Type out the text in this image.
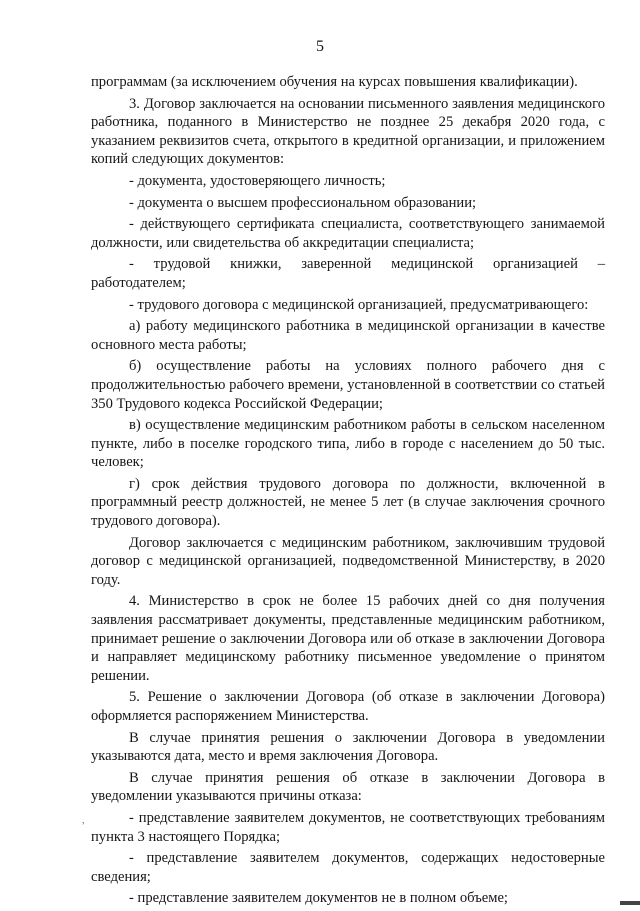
5

программам (за исключением обучения на курсах повышения квалификации).

3. Договор заключается на основании письменного заявления медицинского работника, поданного в Министерство не позднее 25 декабря 2020 года, с указанием реквизитов счета, открытого в кредитной организации, и приложением копий следующих документов:

- документа, удостоверяющего личность;

- документа о высшем профессиональном образовании;

- действующего сертификата специалиста, соответствующего занимаемой должности, или свидетельства об аккредитации специалиста;

- трудовой книжки, заверенной медицинской организацией – работодателем;

- трудового договора с медицинской организацией, предусматривающего:

а) работу медицинского работника в медицинской организации в качестве основного места работы;

б) осуществление работы на условиях полного рабочего дня с продолжительностью рабочего времени, установленной в соответствии со статьей 350 Трудового кодекса Российской Федерации;

в) осуществление медицинским работником работы в сельском населенном пункте, либо в поселке городского типа, либо в городе с населением до 50 тыс. человек;

г) срок действия трудового договора по должности, включенной в программный реестр должностей, не менее 5 лет (в случае заключения срочного трудового договора).

Договор заключается с медицинским работником, заключившим трудовой договор с медицинской организацией, подведомственной Министерству, в 2020 году.

4. Министерство в срок не более 15 рабочих дней со дня получения заявления рассматривает документы, представленные медицинским работником, принимает решение о заключении Договора или об отказе в заключении Договора и направляет медицинскому работнику письменное уведомление о принятом решении.

5. Решение о заключении Договора (об отказе в заключении Договора) оформляется распоряжением Министерства.

В случае принятия решения о заключении Договора в уведомлении указываются дата, место и время заключения Договора.

В случае принятия решения об отказе в заключении Договора в уведомлении указываются причины отказа:

- представление заявителем документов, не соответствующих требованиям пункта 3 настоящего Порядка;

- представление заявителем документов, содержащих недостоверные сведения;

- представление заявителем документов не в полном объеме;

,
